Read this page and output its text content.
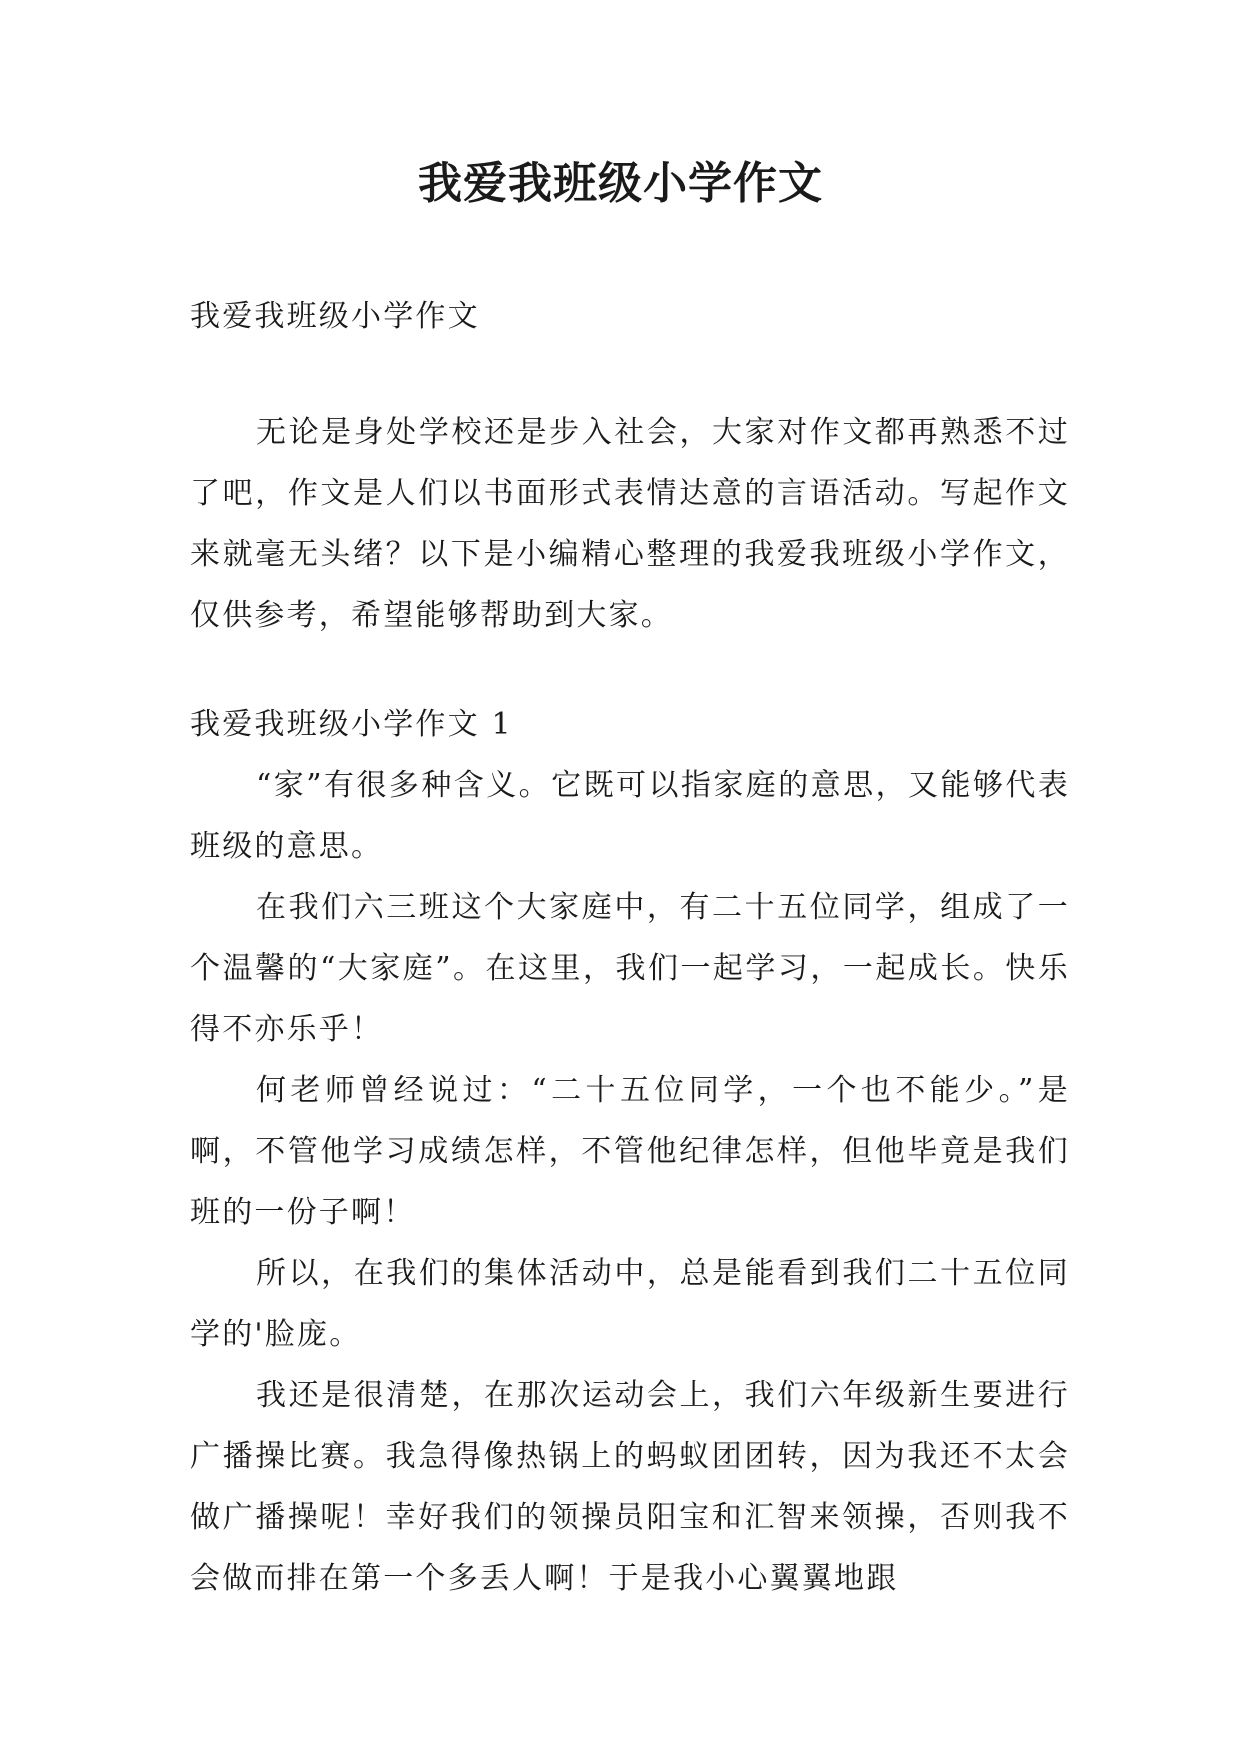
我爱我班级小学作文
我爱我班级小学作文

无论是身处学校还是步入社会，大家对作文都再熟悉不过了吧，作文是人们以书面形式表情达意的言语活动。写起作文来就毫无头绪？以下是小编精心整理的我爱我班级小学作文，仅供参考，希望能够帮助到大家。

我爱我班级小学作文 1

“家”有很多种含义。它既可以指家庭的意思，又能够代表班级的意思。

在我们六三班这个大家庭中，有二十五位同学，组成了一个温馨的“大家庭”。在这里，我们一起学习，一起成长。快乐得不亦乐乎！

何老师曾经说过：“二十五位同学，一个也不能少。”是啊，不管他学习成绩怎样，不管他纪律怎样，但他毕竟是我们班的一份子啊！

所以，在我们的集体活动中，总是能看到我们二十五位同学的'脸庞。

我还是很清楚，在那次运动会上，我们六年级新生要进行广播操比赛。我急得像热锅上的蚂蚁团团转，因为我还不太会做广播操呢！幸好我们的领操员阳宝和汇智来领操，否则我不会做而排在第一个多丢人啊！于是我小心翼翼地跟
